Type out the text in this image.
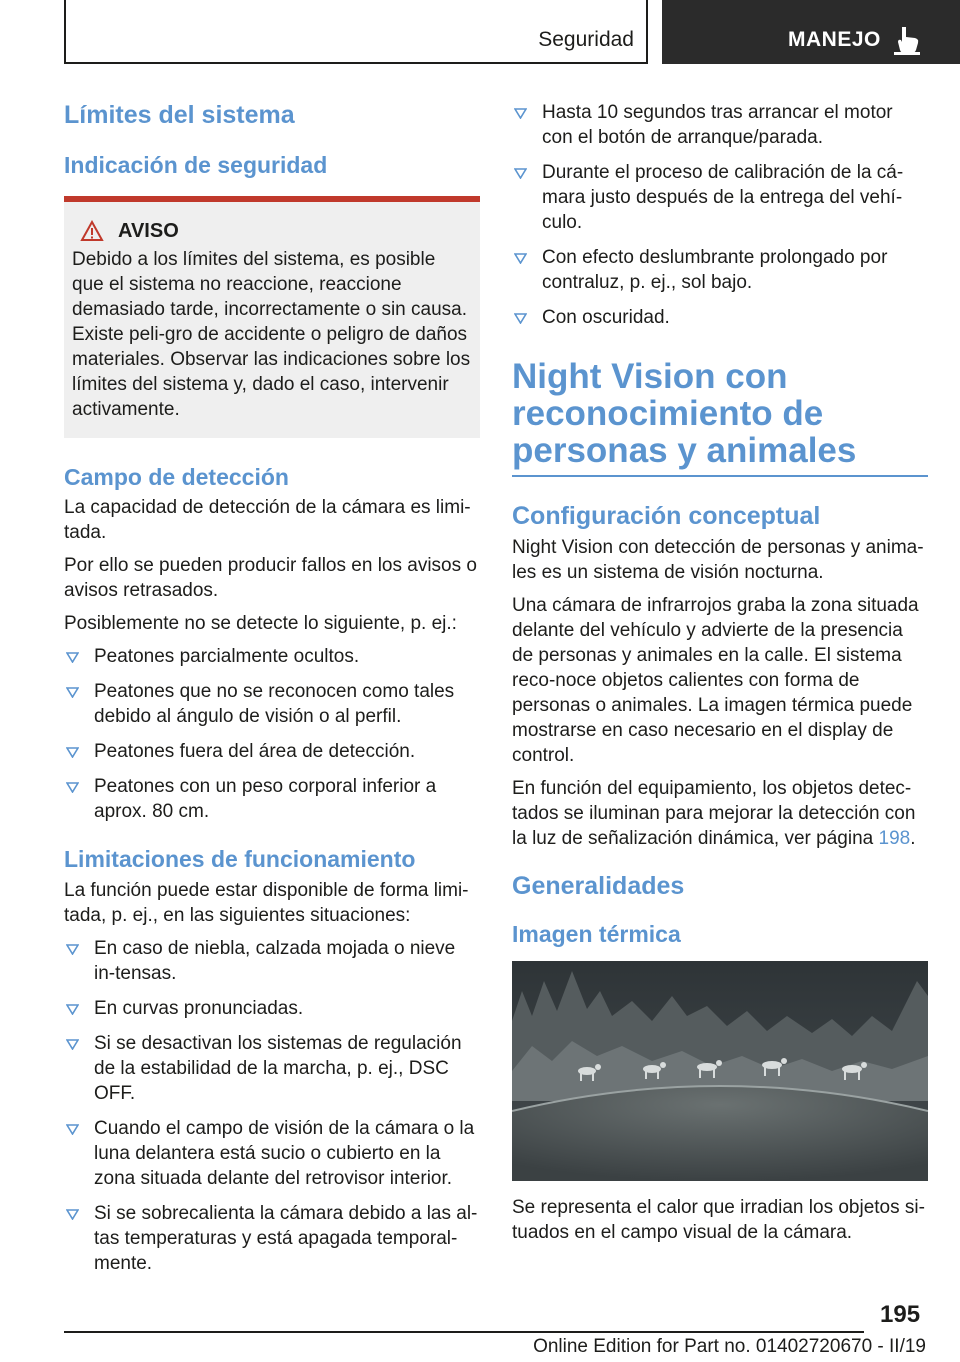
Seguridad	MANEJO
Límites del sistema
Indicación de seguridad
AVISO
Debido a los límites del sistema, es posible que el sistema no reaccione, reaccione demasiado tarde, incorrectamente o sin causa. Existe peli-gro de accidente o peligro de daños materiales. Observar las indicaciones sobre los límites del sistema y, dado el caso, intervenir activamente.
Campo de detección

La capacidad de detección de la cámara es limi-tada.

Por ello se pueden producir fallos en los avisos o avisos retrasados.

Posiblemente no se detecte lo siguiente, p. ej.:

Peatones parcialmente ocultos.
Peatones que no se reconocen como tales debido al ángulo de visión o al perfil.
Peatones fuera del área de detección.
Peatones con un peso corporal inferior a aprox. 80 cm.
Limitaciones de funcionamiento

La función puede estar disponible de forma limi-tada, p. ej., en las siguientes situaciones:

En caso de niebla, calzada mojada o nieve in-tensas.
En curvas pronunciadas.
Si se desactivan los sistemas de regulación de la estabilidad de la marcha, p. ej., DSC OFF.
Cuando el campo de visión de la cámara o la luna delantera está sucio o cubierto en la zona situada delante del retrovisor interior.
Si se sobrecalienta la cámara debido a las al-tas temperaturas y está apagada temporal-mente.
Hasta 10 segundos tras arrancar el motor con el botón de arranque/parada.
Durante el proceso de calibración de la cá-mara justo después de la entrega del vehí-culo.
Con efecto deslumbrante prolongado por contraluz, p. ej., sol bajo.
Con oscuridad.
Night Vision con reconocimiento de personas y animales
Configuración conceptual

Night Vision con detección de personas y anima-les es un sistema de visión nocturna.

Una cámara de infrarrojos graba la zona situada delante del vehículo y advierte de la presencia de personas y animales en la calle. El sistema reco-noce objetos calientes con forma de personas o animales. La imagen térmica puede mostrarse en caso necesario en el display de control.

En función del equipamiento, los objetos detec-tados se iluminan para mejorar la detección con la luz de señalización dinámica, ver página 198.

Generalidades
Imagen térmica

Se representa el calor que irradian los objetos si-tuados en el campo visual de la cámara.

195
Online Edition for Part no. 01402720670 - II/19
